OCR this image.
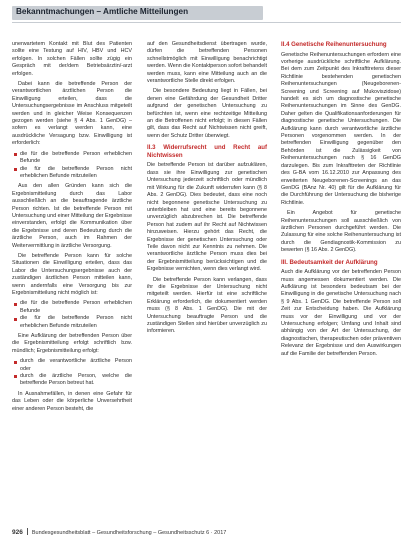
Bekanntmachungen – Amtliche Mitteilungen

unerwartetem Kontakt mit Blut des Patienten sollte eine Testung auf HIV, HBV und HCV erfolgen. In solchen Fällen sollte zügig ein Gespräch mit der/dem Betriebsärztin/-arzt erfolgen.

Dabei kann die betreffende Person der verantwortlichen ärztlichen Person die Einwilligung erteilen, dass die Untersuchungsergebnisse im Anschluss mitgeteilt werden und in gleicher Weise Konsequenzen gezogen werden (siehe § 4 Abs. 1 GenDG) – sofern es verlangt werden kann, eine ausdrückliche Versagung bzw. Einwilligung ist erforderlich:

die für die betreffende Person erheblichen Befunde
die für die betreffende Person nicht erheblichen Befunde mitzuteilen

Aus den allen Gründen kann sich die Ergebnismitteilung durch das Labor ausschließlich an die beauftragende ärztliche Person richten. Ist die betreffende Person mit Untersuchung und einer Mitteilung der Ergebnisse einverstanden, erfolgt die Kommunikation über die Ergebnisse und deren Bedeutung durch die ärztliche Person, auch im Rahmen der Weitervermittlung in ärztliche Versorgung.

Die betreffende Person kann für solche Situationen die Einwilligung erteilen, dass das Labor die Untersuchungsergebnisse auch der zuständigen ärztlichen Person mitteilen kann, wenn andernfalls eine Versorgung bis zur Ergebnismitteilung nicht möglich ist:

die für die betreffende Person erheblichen Befunde
die für die betreffende Person nicht erheblichen Befunde mitzuteilen

Eine Aufklärung der betreffenden Person über die Ergebnismitteilung erfolgt schriftlich bzw. mündlich; Ergebnismitteilung erfolgt:

durch die verantwortliche ärztliche Person oder
durch die ärztliche Person, welche die betreffende Person betreut hat.

In Ausnahmefällen, in denen eine Gefahr für das Leben oder die körperliche Unversehrtheit einer anderen Person besteht, die

auf den Gesundheitsdienst übertragen wurde, dürfen die betreffenden Personen schnellstmöglich mit Einwilligung benachrichtigt werden. Wenn die Kontaktperson sofort behandelt werden muss, kann eine Mitteilung auch an die verantwortliche Stelle direkt erfolgen.

Die besondere Bedeutung liegt in Fällen, bei denen eine Gefährdung der Gesundheit Dritter aufgrund der genetischen Untersuchung zu befürchten ist, wenn eine rechtzeitige Mitteilung an die Betroffenen nicht erfolgt; in diesen Fällen gilt, dass das Recht auf Nichtwissen nicht greift, wenn der Schutz Dritter überwiegt.

II.3 Widerrufsrecht und Recht auf Nichtwissen

Die betreffende Person ist darüber aufzuklären, dass sie ihre Einwilligung zur genetischen Untersuchung jederzeit schriftlich oder mündlich mit Wirkung für die Zukunft widerrufen kann (§ 8 Abs. 2 GenDG). Dies bedeutet, dass eine noch nicht begonnene genetische Untersuchung zu unterbleiben hat und eine bereits begonnene unverzüglich abzubrechen ist. Die betreffende Person hat zudem auf ihr Recht auf Nichtwissen hinzuweisen. Hierzu gehört das Recht, die Ergebnisse der genetischen Untersuchung oder Teile davon nicht zur Kenntnis zu nehmen. Die verantwortliche ärztliche Person muss dies bei der Ergebnismitteilung berücksichtigen und die Ergebnisse vernichten, wenn dies verlangt wird.

Die betreffende Person kann verlangen, dass ihr die Ergebnisse der Untersuchung nicht mitgeteilt werden. Hierfür ist eine schriftliche Erklärung erforderlich, die dokumentiert werden muss (§ 8 Abs. 1 GenDG). Die mit der Untersuchung beauftragte Person und die zuständigen Stellen sind hierüber unverzüglich zu informieren.

II.4 Genetische Reihenuntersuchung

Genetische Reihenuntersuchungen erfordern eine vorherige ausdrückliche schriftliche Aufklärung. Bei dem zum Zeitpunkt des Inkrafttretens dieser Richtlinie bestehenden genetischen Reihenuntersuchungen (Neugeborenen-Screening und Screening auf Mukoviszidose) handelt es sich um diagnostische genetische Reihenuntersuchungen im Sinne des GenDG. Daher gelten die Qualifikationsanforderungen für diagnostische genetische Untersuchungen. Die Aufklärung kann durch verantwortliche ärztliche Personen vorgenommen werden. In der betreffenden Einwilligung gegenüber den Behörden ist die Zulässigkeit von Reihenuntersuchungen nach § 16 GenDG darzulegen. Bis zum Inkrafttreten der Richtlinie des G-BA vom 16.12.2010 zur Anpassung des erweiterten Neugeborenen-Screenings an das GenDG (BAnz Nr. 40) gilt für die Aufklärung für die Durchführung der Untersuchung die bisherige Richtlinie.

Ein Angebot für genetische Reihenuntersuchungen soll ausschließlich von ärztlichen Personen durchgeführt werden. Die Zulassung für eine solche Reihenuntersuchung ist durch die Gendiagnostik-Kommission zu bewerten (§ 16 Abs. 2 GenDG).

III. Bedeutsamkeit der Aufklärung

Auch die Aufklärung vor der betreffenden Person muss angemessen dokumentiert werden. Die Aufklärung ist besonders bedeutsam bei der Einwilligung in die genetische Untersuchung nach § 9 Abs. 1 GenDG. Die betreffende Person soll Zeit zur Entscheidung haben. Die Aufklärung muss vor der Einwilligung und vor der Untersuchung erfolgen; Umfang und Inhalt sind abhängig von der Art der Untersuchung, der diagnostischen, therapeutischen oder präventiven Relevanz der Ergebnisse und den Auswirkungen auf die Familie der betreffenden Person.

926 Bundesgesundheitsblatt – Gesundheitsforschung – Gesundheitsschutz 6 · 2017
